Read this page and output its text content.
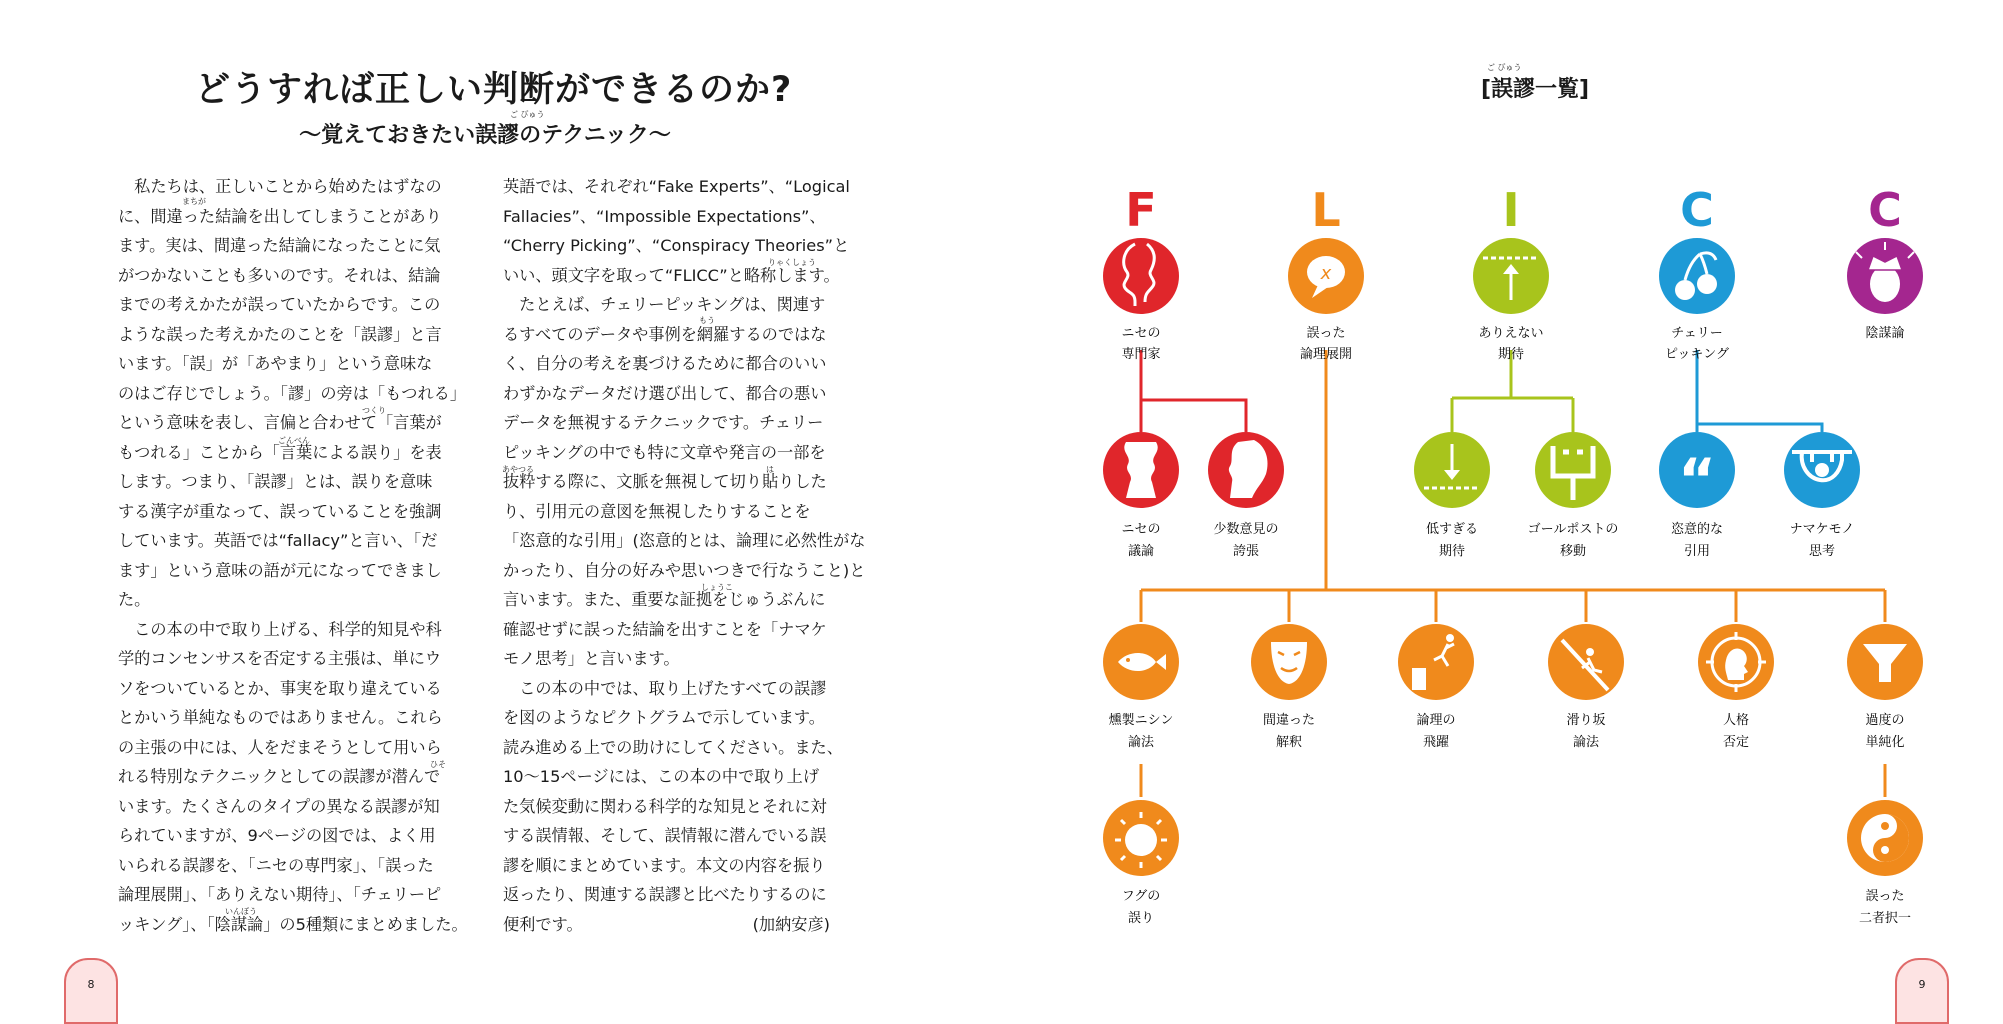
どうすれば正しい判断ができるのか?
〜覚えておきたい誤謬のテクニック〜
ご びゅう
　私たちは、正しいことから始めたはずなの
に、間違った結論を出してしまうことがあり
ます。実は、間違った結論になったことに気
がつかないことも多いのです。それは、結論
までの考えかたが誤っていたからです。この
ような誤った考えかたのことを「誤謬」と言
います。「誤」が「あやまり」という意味な
のはご存じでしょう。「謬」の旁は「もつれる」
という意味を表し、言偏と合わせて「言葉が
もつれる」ことから「言葉による誤り」を表
します。つまり、「誤謬」とは、誤りを意味
する漢字が重なって、誤っていることを強調
しています。英語では“fallacy”と言い、「だ
ます」という意味の語が元になってできまし
た。
　この本の中で取り上げる、科学的知見や科
学的コンセンサスを否定する主張は、単にウ
ソをついているとか、事実を取り違えている
とかいう単純なものではありません。これら
の主張の中には、人をだまそうとして用いら
れる特別なテクニックとしての誤謬が潜んで
います。たくさんのタイプの異なる誤謬が知
られていますが、9ページの図では、よく用
いられる誤謬を、「ニセの専門家」、「誤った
論理展開」、「ありえない期待」、「チェリーピ
ッキング」、「陰謀論」の5種類にまとめました。
英語では、それぞれ“Fake Experts”、“Logical
Fallacies”、“Impossible Expectations”、
“Cherry Picking”、“Conspiracy Theories”と
いい、頭文字を取って“FLICC”と略称します。
　たとえば、チェリーピッキングは、関連す
るすべてのデータや事例を網羅するのではな
く、自分の考えを裏づけるために都合のいい
わずかなデータだけ選び出して、都合の悪い
データを無視するテクニックです。チェリー
ピッキングの中でも特に文章や発言の一部を
抜粋する際に、文脈を無視して切り貼りした
り、引用元の意図を無視したりすることを
「恣意的な引用」(恣意的とは、論理に必然性がな
かったり、自分の好みや思いつきで行なうこと)と
言います。また、重要な証拠をじゅうぶんに
確認せずに誤った結論を出すことを「ナマケ
モノ思考」と言います。
　この本の中では、取り上げたすべての誤謬
を図のようなピクトグラムで示しています。
読み進める上での助けにしてください。また、
10〜15ページには、この本の中で取り上げ
た気候変動に関わる科学的な知見とそれに対
する誤情報、そして、誤情報に潜んでいる誤
謬を順にまとめています。本文の内容を振り
返ったり、関連する誤謬と比べたりするのに
便利です。　　　　　　　　　　　(加納安彦)
まちが
つくり
ごんべん
もう
あやつる	は
しょうこ
ひそ
いんぼう
りゃくしょう
8
[誤謬一覧]
ご びゅう
F	L	I	C	C
ニセの
専門家
x
誤った
論理展開
ありえない
期待
チェリー
ピッキング
陰謀論
ニセの
議論
少数意見の
誇張
低すぎる
期待
ゴールポストの
移動
“
恣意的な
引用
ナマケモノ
思考
燻製ニシン
論法
間違った
解釈
論理の
飛躍
滑り坂
論法
人格
否定
過度の
単純化
フグの
誤り
誤った
二者択一
9
